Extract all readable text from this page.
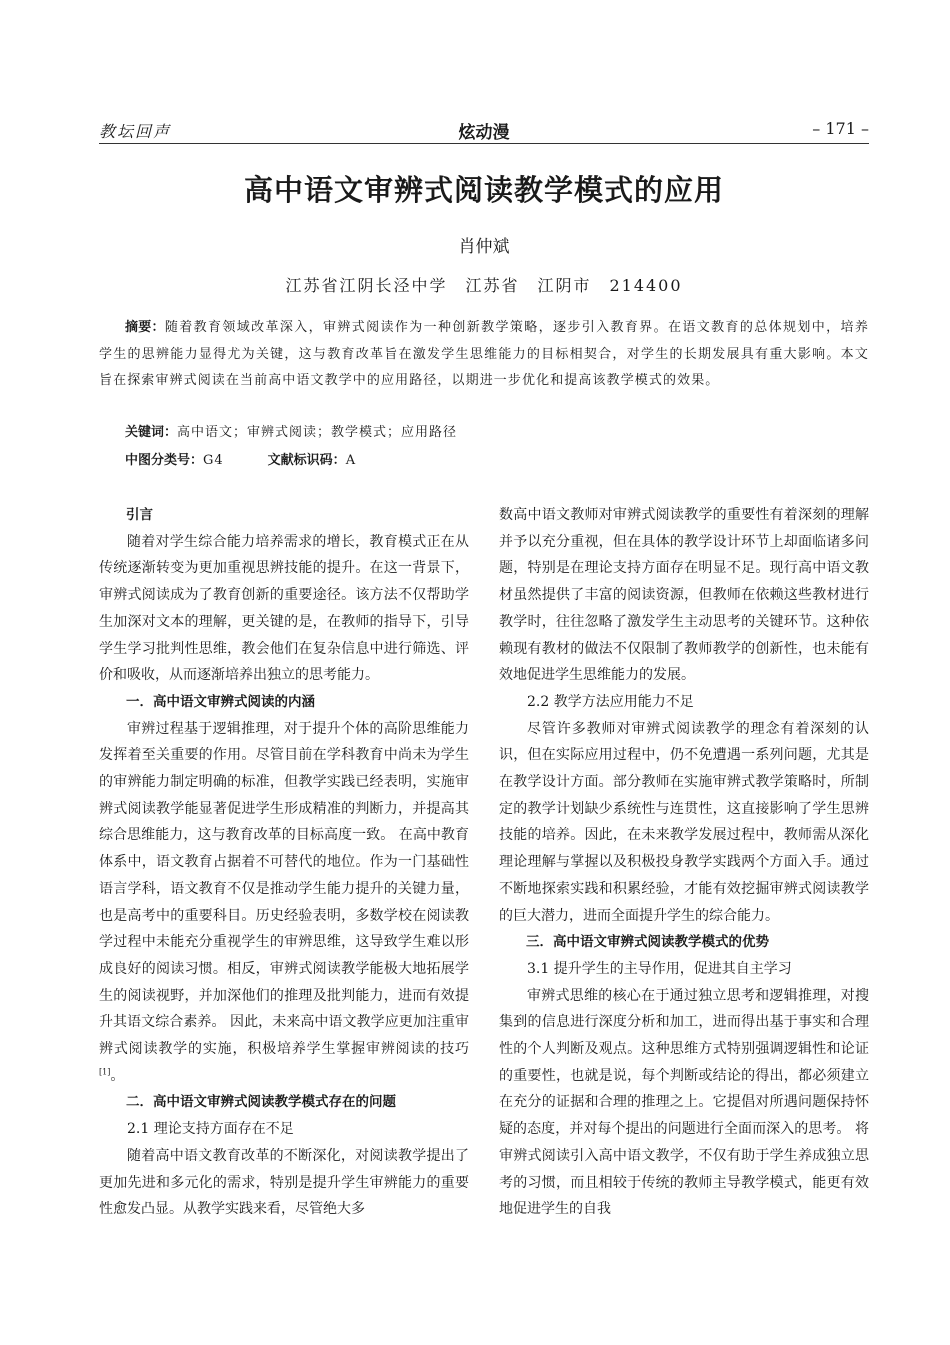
教坛回声	炫动漫	– 171 –
高中语文审辨式阅读教学模式的应用
肖仲斌
江苏省江阴长泾中学　江苏省　江阴市　214400

摘要：随着教育领域改革深入，审辨式阅读作为一种创新教学策略，逐步引入教育界。在语文教育的总体规划中，培养学生的思辨能力显得尤为关键，这与教育改革旨在激发学生思维能力的目标相契合，对学生的长期发展具有重大影响。本文旨在探索审辨式阅读在当前高中语文教学中的应用路径，以期进一步优化和提高该教学模式的效果。

关键词：高中语文；审辨式阅读；教学模式；应用路径

中图分类号：G4	文献标识码：A

引言

随着对学生综合能力培养需求的增长，教育模式正在从传统逐渐转变为更加重视思辨技能的提升。在这一背景下，审辨式阅读成为了教育创新的重要途径。该方法不仅帮助学生加深对文本的理解，更关键的是，在教师的指导下，引导学生学习批判性思维，教会他们在复杂信息中进行筛选、评价和吸收，从而逐渐培养出独立的思考能力。

一．高中语文审辨式阅读的内涵

审辨过程基于逻辑推理，对于提升个体的高阶思维能力发挥着至关重要的作用。尽管目前在学科教育中尚未为学生的审辨能力制定明确的标准，但教学实践已经表明，实施审辨式阅读教学能显著促进学生形成精准的判断力，并提高其综合思维能力，这与教育改革的目标高度一致。 在高中教育体系中，语文教育占据着不可替代的地位。作为一门基础性语言学科，语文教育不仅是推动学生能力提升的关键力量，也是高考中的重要科目。历史经验表明，多数学校在阅读教学过程中未能充分重视学生的审辨思维，这导致学生难以形成良好的阅读习惯。相反，审辨式阅读教学能极大地拓展学生的阅读视野，并加深他们的推理及批判能力，进而有效提升其语文综合素养。 因此，未来高中语文教学应更加注重审辨式阅读教学的实施，积极培养学生掌握审辨阅读的技巧[1]。

二．高中语文审辨式阅读教学模式存在的问题

2.1 理论支持方面存在不足

随着高中语文教育改革的不断深化，对阅读教学提出了更加先进和多元化的需求，特别是提升学生审辨能力的重要性愈发凸显。从教学实践来看，尽管绝大多

数高中语文教师对审辨式阅读教学的重要性有着深刻的理解并予以充分重视，但在具体的教学设计环节上却面临诸多问题，特别是在理论支持方面存在明显不足。现行高中语文教材虽然提供了丰富的阅读资源，但教师在依赖这些教材进行教学时，往往忽略了激发学生主动思考的关键环节。这种依赖现有教材的做法不仅限制了教师教学的创新性，也未能有效地促进学生思维能力的发展。

2.2 教学方法应用能力不足

尽管许多教师对审辨式阅读教学的理念有着深刻的认识，但在实际应用过程中，仍不免遭遇一系列问题，尤其是在教学设计方面。部分教师在实施审辨式教学策略时，所制定的教学计划缺少系统性与连贯性，这直接影响了学生思辨技能的培养。因此，在未来教学发展过程中，教师需从深化理论理解与掌握以及积极投身教学实践两个方面入手。通过不断地探索实践和积累经验，才能有效挖掘审辨式阅读教学的巨大潜力，进而全面提升学生的综合能力。

三．高中语文审辨式阅读教学模式的优势

3.1 提升学生的主导作用，促进其自主学习

审辨式思维的核心在于通过独立思考和逻辑推理，对搜集到的信息进行深度分析和加工，进而得出基于事实和合理性的个人判断及观点。这种思维方式特别强调逻辑性和论证的重要性，也就是说，每个判断或结论的得出，都必须建立在充分的证据和合理的推理之上。它提倡对所遇问题保持怀疑的态度，并对每个提出的问题进行全面而深入的思考。 将审辨式阅读引入高中语文教学，不仅有助于学生养成独立思考的习惯，而且相较于传统的教师主导教学模式，能更有效地促进学生的自我
